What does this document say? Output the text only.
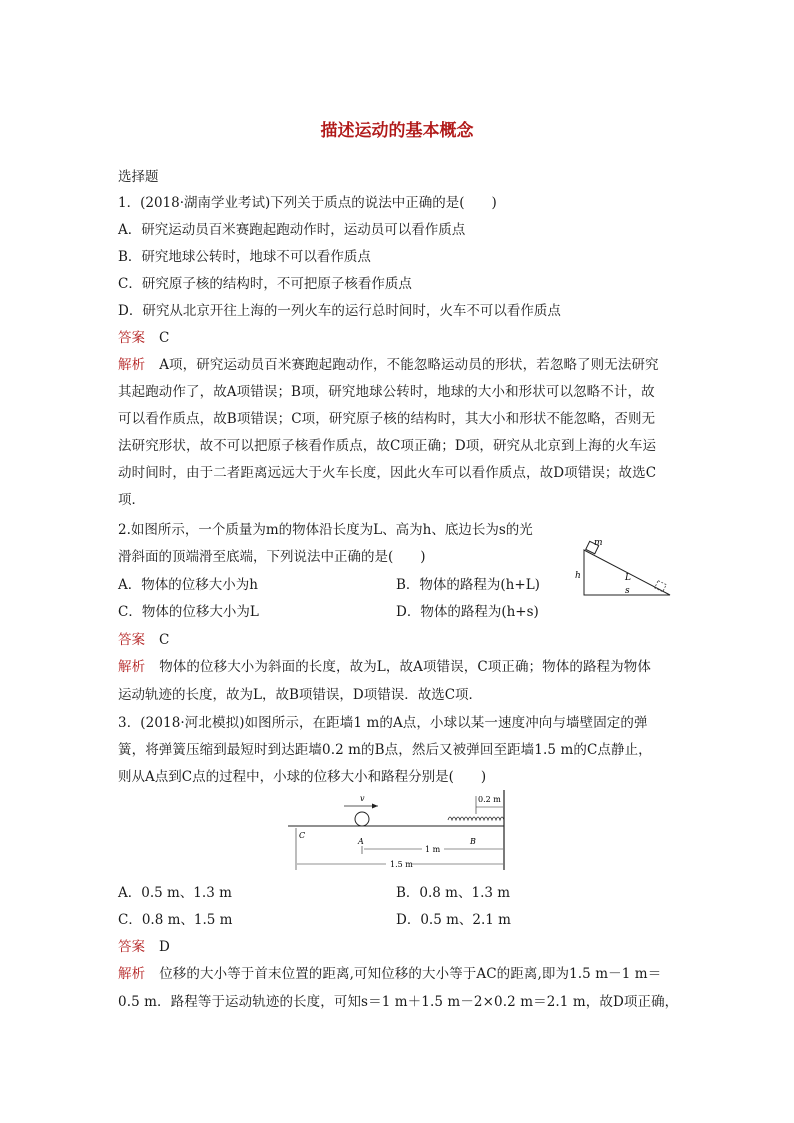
描述运动的基本概念
选择题
1．(2018·湖南学业考试)下列关于质点的说法中正确的是(　　)
A．研究运动员百米赛跑起跑动作时，运动员可以看作质点
B．研究地球公转时，地球不可以看作质点
C．研究原子核的结构时，不可把原子核看作质点
D．研究从北京开往上海的一列火车的运行总时间时，火车不可以看作质点
答案 C
解析 A项，研究运动员百米赛跑起跑动作，不能忽略运动员的形状，若忽略了则无法研究
其起跑动作了，故A项错误；B项，研究地球公转时，地球的大小和形状可以忽略不计，故
可以看作质点，故B项错误；C项，研究原子核的结构时，其大小和形状不能忽略，否则无
法研究形状，故不可以把原子核看作质点，故C项正确；D项，研究从北京到上海的火车运
动时间时，由于二者距离远远大于火车长度，因此火车可以看作质点，故D项错误；故选C
项．
2.如图所示，一个质量为m的物体沿长度为L、高为h、底边长为s的光
滑斜面的顶端滑至底端，下列说法中正确的是(　　)
A．物体的位移大小为h	B．物体的路程为(h+L)
C．物体的位移大小为L	D．物体的路程为(h+s)
m
h	L
s
答案 C
解析 物体的位移大小为斜面的长度，故为L，故A项错误，C项正确；物体的路程为物体
运动轨迹的长度，故为L，故B项错误，D项错误．故选C项．
3．(2018·河北模拟)如图所示，在距墙1 m的A点，小球以某一速度冲向与墙壁固定的弹
簧，将弹簧压缩到最短时到达距墙0.2 m的B点，然后又被弹回至距墙1.5 m的C点静止，
则从A点到C点的过程中，小球的位移大小和路程分别是(　　)
v	0.2 m
C
A	B
1 m
1.5 m
A．0.5 m、1.3 m	B．0.8 m、1.3 m
C．0.8 m、1.5 m	D．0.5 m、2.1 m
答案 D
解析 位移的大小等于首末位置的距离,可知位移的大小等于AC的距离,即为1.5 m－1 m＝
0.5 m．路程等于运动轨迹的长度，可知s＝1 m＋1.5 m－2×0.2 m＝2.1 m，故D项正确，
